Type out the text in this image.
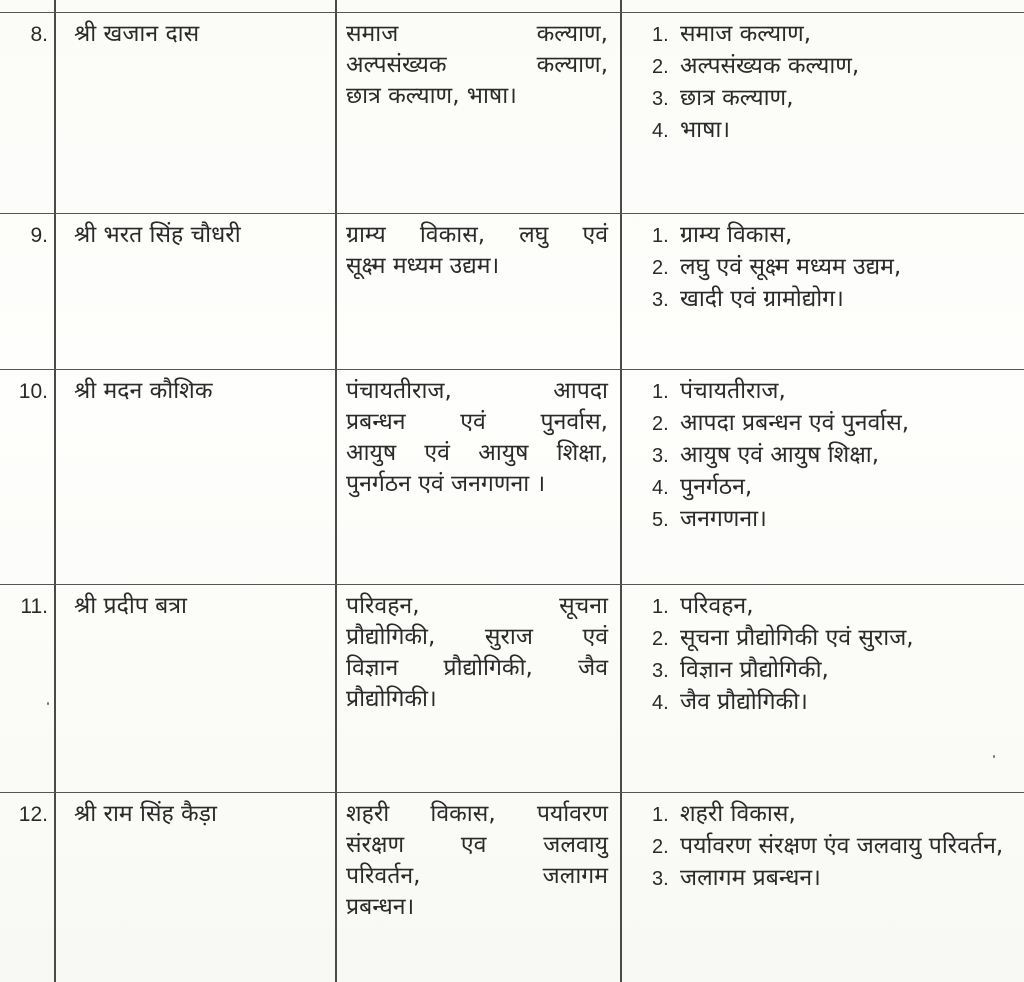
8.	श्री खजान दास	समाज कल्याण,
अल्पसंख्यक कल्याण,
छात्र कल्याण, भाषा।
1. समाज कल्याण,
2. अल्पसंख्यक कल्याण,
3. छात्र कल्याण,
4. भाषा।
9.	श्री भरत सिंह चौधरी	ग्राम्य विकास, लघु एवं
सूक्ष्म मध्यम उद्यम।
1. ग्राम्य विकास,
2. लघु एवं सूक्ष्म मध्यम उद्यम,
3. खादी एवं ग्रामोद्योग।
10.	श्री मदन कौशिक	पंचायतीराज, आपदा
प्रबन्धन एवं पुनर्वास,
आयुष एवं आयुष शिक्षा,
पुनर्गठन एवं जनगणना ।
1. पंचायतीराज,
2. आपदा प्रबन्धन एवं पुनर्वास,
3. आयुष एवं आयुष शिक्षा,
4. पुनर्गठन,
5. जनगणना।
11.	श्री प्रदीप बत्रा	परिवहन, सूचना
प्रौद्योगिकी, सुराज एवं
विज्ञान प्रौद्योगिकी, जैव
प्रौद्योगिकी।
1. परिवहन,
2. सूचना प्रौद्योगिकी एवं सुराज,
3. विज्ञान प्रौद्योगिकी,
4. जैव प्रौद्योगिकी।
12.	श्री राम सिंह कैड़ा	शहरी विकास, पर्यावरण
संरक्षण एव जलवायु
परिवर्तन, जलागम
प्रबन्धन।
1. शहरी विकास,
2. पर्यावरण संरक्षण एंव जलवायु परिवर्तन,
3. जलागम प्रबन्धन।
